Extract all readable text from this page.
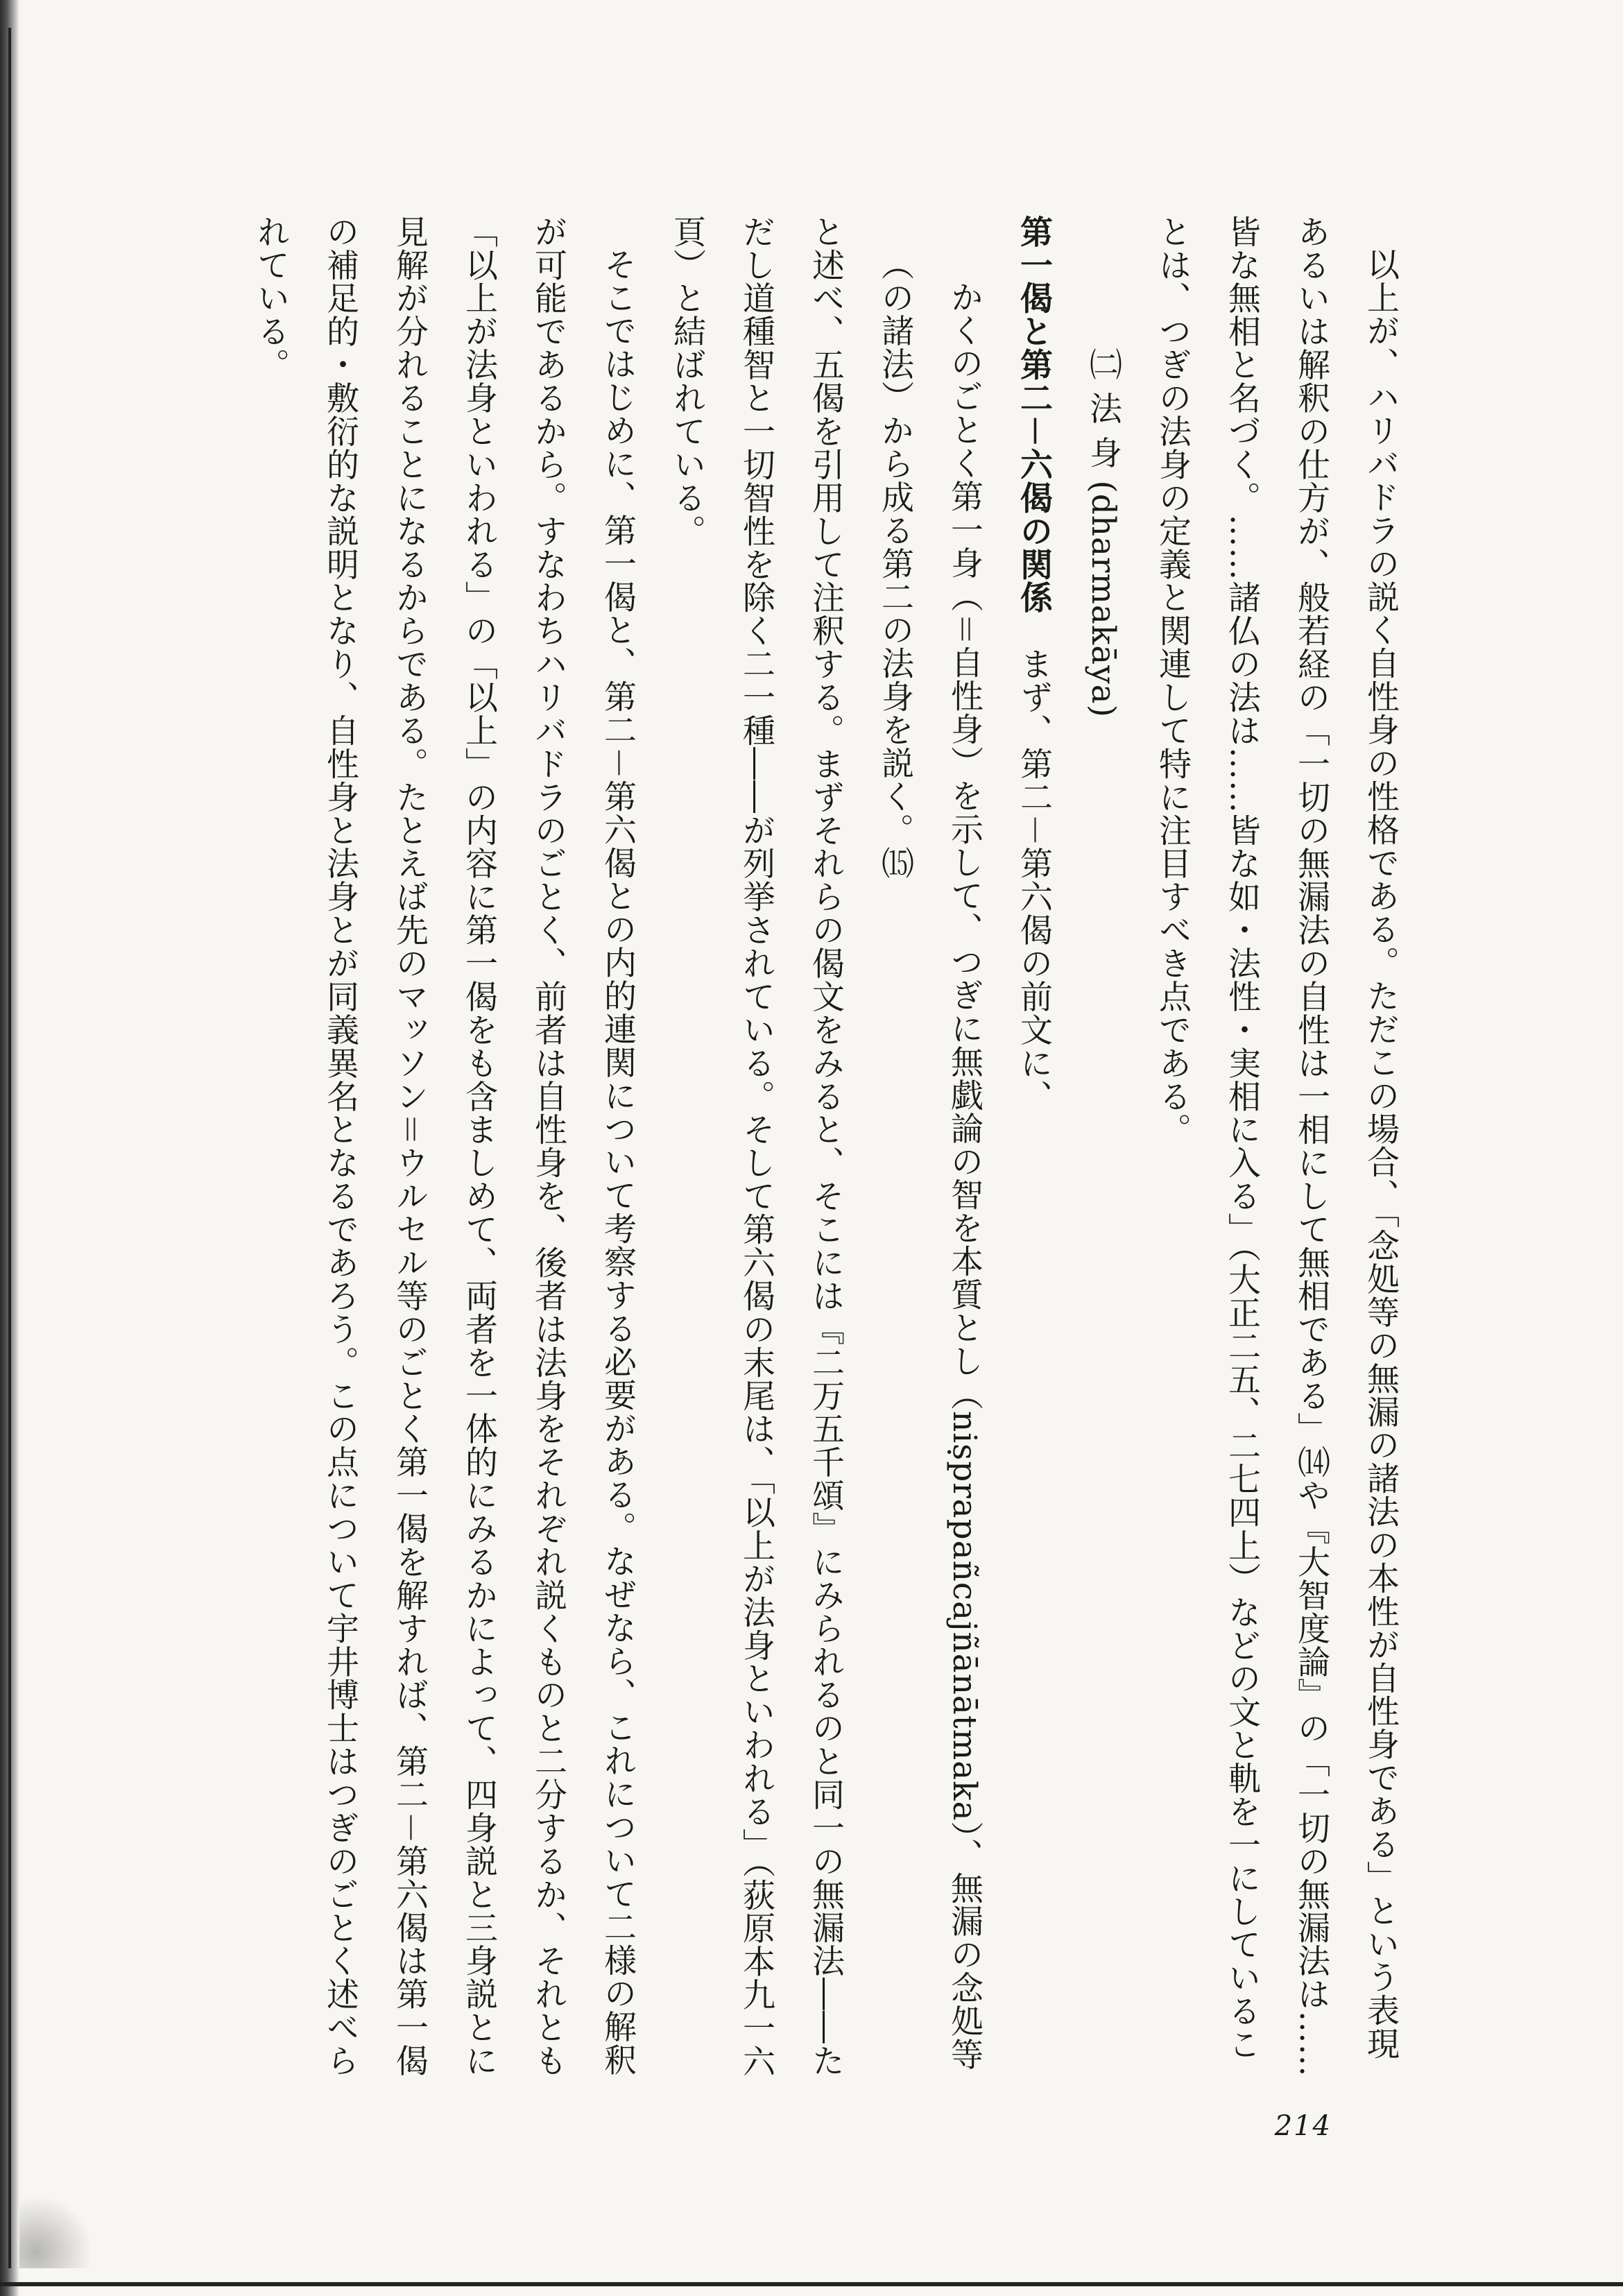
以上が、ハリバドラの説く自性身の性格である。ただこの場合、「念処等の無漏の諸法の本性が自性身である」という表現あるいは解釈の仕方が、般若経の「一切の無漏法の自性は一相にして無相である」⒁や『大智度論』の「一切の無漏法は……皆な無相と名づく。……諸仏の法は……皆な如・法性・実相に入る」（大正二五、二七四上）などの文と軌を一にしていることは、つぎの法身の定義と関連して特に注目すべき点である。

㈡ 法 身 (dharmakāya)

第一偈と第二－六偈の関係　まず、第二－第六偈の前文に、

かくのごとく第一身（＝自性身）を示して、つぎに無戯論の智を本質とし（niṣprapañcajñānātmaka）、無漏の念処等（の諸法）から成る第二の法身を説く。⒂

と述べ、五偈を引用して注釈する。まずそれらの偈文をみると、そこには『二万五千頌』にみられるのと同一の無漏法――ただし道種智と一切智性を除く二一種――が列挙されている。そして第六偈の末尾は、「以上が法身といわれる」（荻原本九一六頁）と結ばれている。

そこではじめに、第一偈と、第二－第六偈との内的連関について考察する必要がある。なぜなら、これについて二様の解釈が可能であるから。すなわちハリバドラのごとく、前者は自性身を、後者は法身をそれぞれ説くものと二分するか、それとも「以上が法身といわれる」の「以上」の内容に第一偈をも含ましめて、両者を一体的にみるかによって、四身説と三身説とに見解が分れることになるからである。たとえば先のマッソン＝ウルセル等のごとく第一偈を解すれば、第二－第六偈は第一偈の補足的・敷衍的な説明となり、自性身と法身とが同義異名となるであろう。この点について宇井博士はつぎのごとく述べられている。

214
